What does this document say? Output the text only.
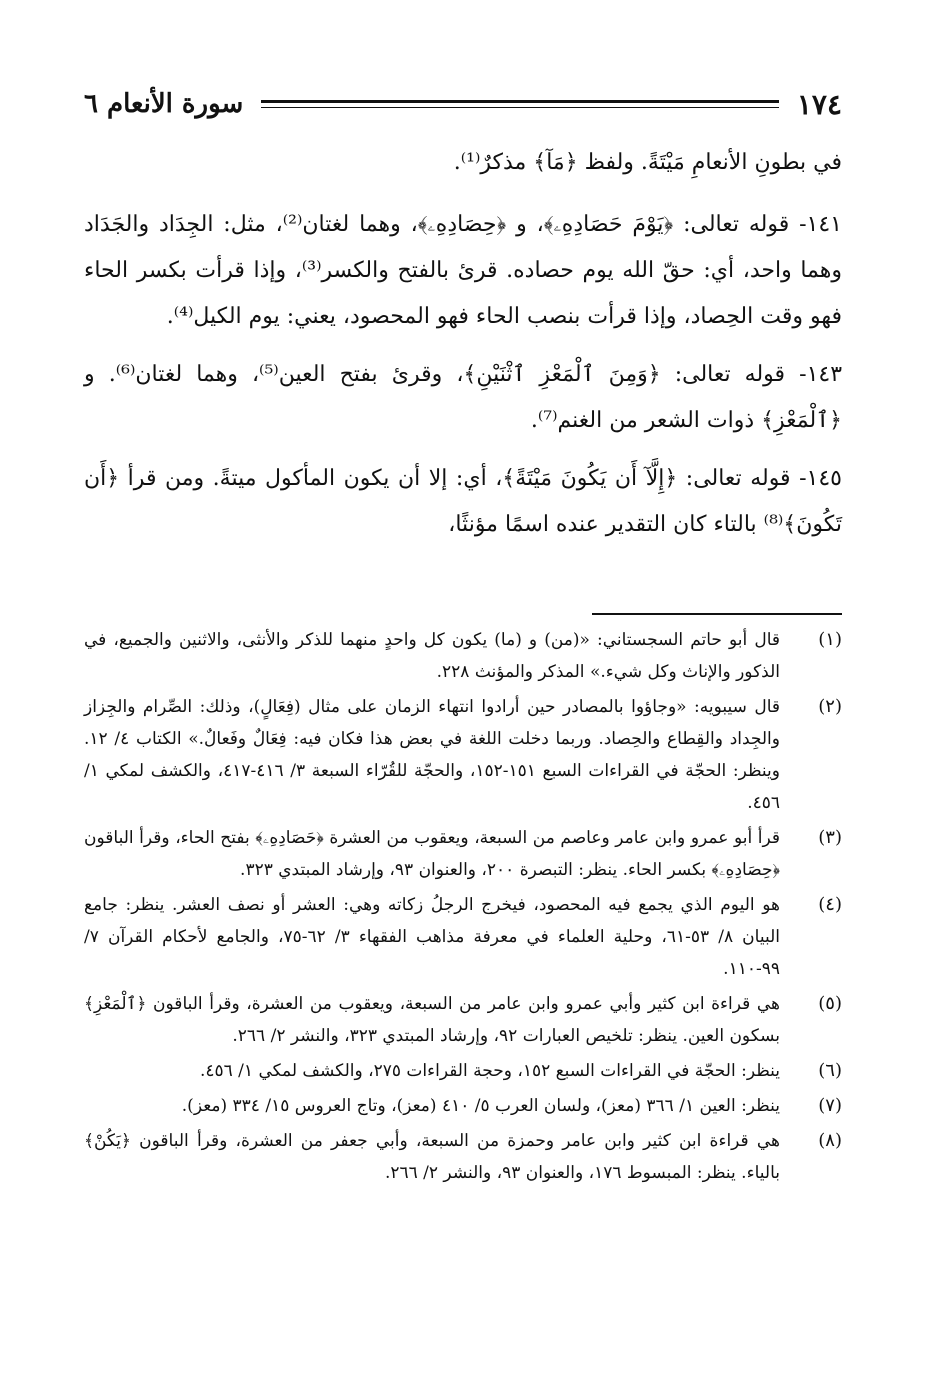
١٧٤
سورة الأنعام ٦

في بطونِ الأنعامِ مَيْتَةً. ولفظ ﴿مَآ﴾ مذكرٌ⁽¹⁾.

١٤١- قوله تعالى: ﴿يَوْمَ حَصَادِهِۦ﴾، و ﴿حِصَادِهِۦ﴾، وهما لغتان⁽²⁾، مثل: الجِدَاد والجَدَاد وهما واحد، أي: حقّ الله يوم حصاده. قرئ بالفتح والكسر⁽³⁾، وإذا قرأت بكسر الحاء فهو وقت الحِصاد، وإذا قرأت بنصب الحاء فهو المحصود، يعني: يوم الكيل⁽⁴⁾.

١٤٣- قوله تعالى: ﴿وَمِنَ ٱلْمَعْزِ ٱثْنَيْنِ﴾، وقرئ بفتح العين⁽⁵⁾، وهما لغتان⁽⁶⁾. و ﴿ٱلْمَعْزِ﴾ ذوات الشعر من الغنم⁽⁷⁾.

١٤٥- قوله تعالى: ﴿إِلَّآ أَن يَكُونَ مَيْتَةً﴾، أي: إلا أن يكون المأكول ميتةً. ومن قرأ ﴿أَن تَكُونَ﴾⁽⁸⁾ بالتاء كان التقدير عنده اسمًا مؤنثًا،

(١)
قال أبو حاتم السجستاني: «(من) و (ما) يكون كل واحدٍ منهما للذكر والأنثى، والاثنين والجميع، في الذكور والإناث وكل شيء.» المذكر والمؤنث ٢٢٨.
(٢)
قال سيبويه: «وجاؤوا بالمصادر حين أرادوا انتهاء الزمان على مثال (فِعَالٍ)، وذلك: الصِّرام والجِزاز والجِداد والقِطاع والحِصاد. وربما دخلت اللغة في بعض هذا فكان فيه: فِعَالٌ وفَعالٌ.» الكتاب ٤/ ١٢. وينظر: الحجّة في القراءات السبع ١٥١-١٥٢، والحجّة للقُرّاء السبعة ٣/ ٤١٦-٤١٧، والكشف لمكي ١/ ٤٥٦.
(٣)
قرأ أبو عمرو وابن عامر وعاصم من السبعة، ويعقوب من العشرة ﴿حَصَادِهِۦ﴾ بفتح الحاء، وقرأ الباقون ﴿حِصَادِهِۦ﴾ بكسر الحاء. ينظر: التبصرة ٢٠٠، والعنوان ٩٣، وإرشاد المبتدي ٣٢٣.
(٤)
هو اليوم الذي يجمع فيه المحصود، فيخرج الرجلُ زكاته وهي: العشر أو نصف العشر. ينظر: جامع البيان ٨/ ٥٣-٦١، وحلية العلماء في معرفة مذاهب الفقهاء ٣/ ٦٢-٧٥، والجامع لأحكام القرآن ٧/ ٩٩-١١٠.
(٥)
هي قراءة ابن كثير وأبي عمرو وابن عامر من السبعة، ويعقوب من العشرة، وقرأ الباقون ﴿ٱلْمَعْزِ﴾ بسكون العين. ينظر: تلخيص العبارات ٩٢، وإرشاد المبتدي ٣٢٣، والنشر ٢/ ٢٦٦.
(٦)
ينظر: الحجّة في القراءات السبع ١٥٢، وحجة القراءات ٢٧٥، والكشف لمكي ١/ ٤٥٦.
(٧)
ينظر: العين ١/ ٣٦٦ (معز)، ولسان العرب ٥/ ٤١٠ (معز)، وتاج العروس ١٥/ ٣٣٤ (معز).
(٨)
هي قراءة ابن كثير وابن عامر وحمزة من السبعة، وأبي جعفر من العشرة، وقرأ الباقون ﴿يَكُنْ﴾ بالياء. ينظر: المبسوط ١٧٦، والعنوان ٩٣، والنشر ٢/ ٢٦٦.
